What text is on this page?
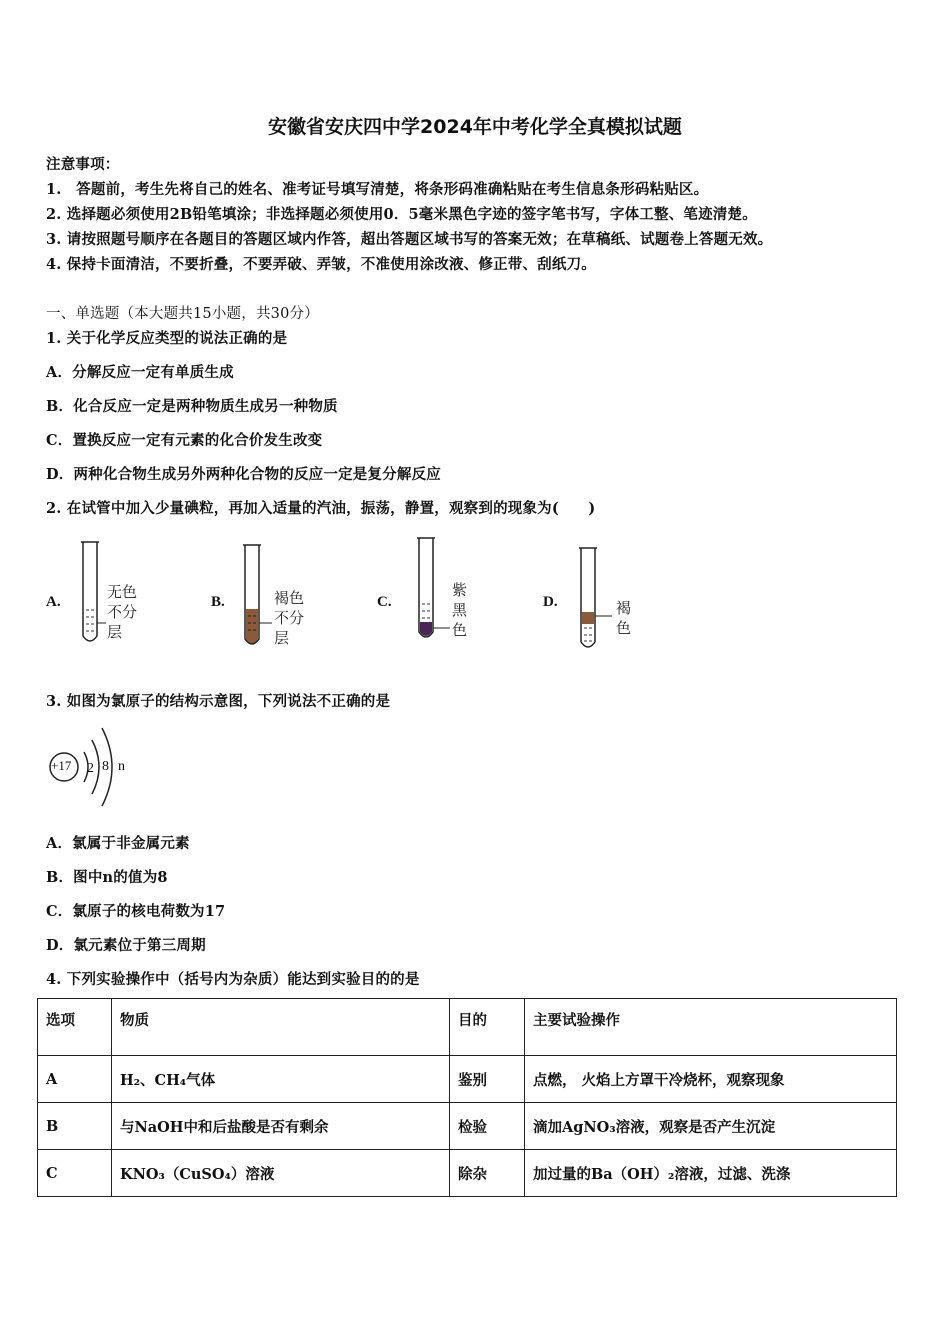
安徽省安庆四中学2024年中考化学全真模拟试题
注意事项：
1.　答题前，考生先将自己的姓名、准考证号填写清楚，将条形码准确粘贴在考生信息条形码粘贴区。
2. 选择题必须使用2B铅笔填涂；非选择题必须使用0．5毫米黑色字迹的签字笔书写，字体工整、笔迹清楚。
3. 请按照题号顺序在各题目的答题区域内作答，超出答题区域书写的答案无效；在草稿纸、试题卷上答题无效。
4. 保持卡面清洁，不要折叠，不要弄破、弄皱，不准使用涂改液、修正带、刮纸刀。
一、单选题（本大题共15小题，共30分）
1. 关于化学反应类型的说法正确的是
A．分解反应一定有单质生成
B．化合反应一定是两种物质生成另一种物质
C．置换反应一定有元素的化合价发生改变
D．两种化合物生成另外两种化合物的反应一定是复分解反应
2. 在试管中加入少量碘粒，再加入适量的汽油，振荡，静置，观察到的现象为(　　)
A.
无色不分层
B.	褐色不分层
C.
紫黑色
D.	褐色
3. 如图为氯原子的结构示意图，下列说法不正确的是
+17 2 8 n
A．氯属于非金属元素
B．图中n的值为8
C．氯原子的核电荷数为17
D．氯元素位于第三周期
4. 下列实验操作中（括号内为杂质）能达到实验目的的是
选项	物质	目的	主要试验操作
A	H₂、CH₄气体	鉴别	点燃， 火焰上方罩干冷烧杯，观察现象
B	与NaOH中和后盐酸是否有剩余	检验	滴加AgNO₃溶液，观察是否产生沉淀
C	KNO₃（CuSO₄）溶液	除杂	加过量的Ba（OH）₂溶液，过滤、洗涤
